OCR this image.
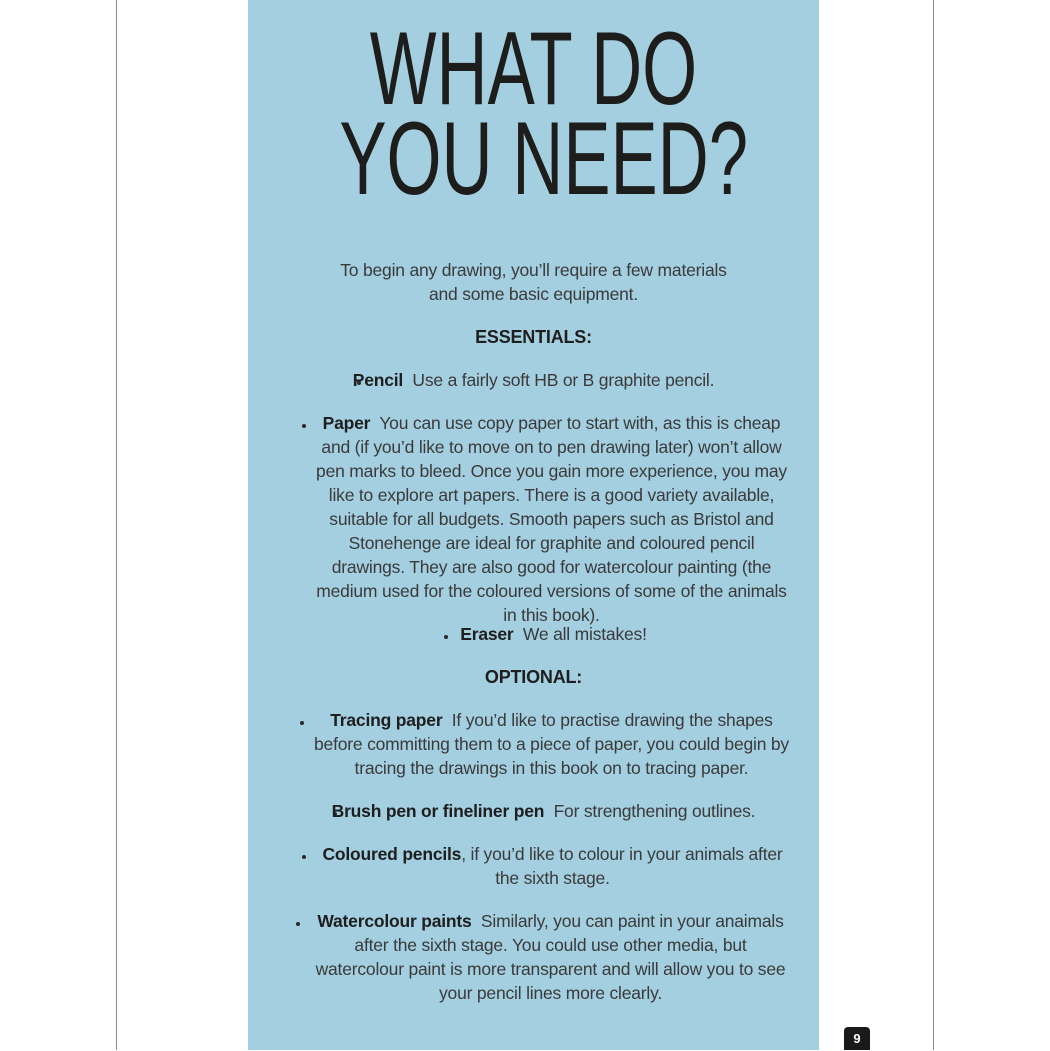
WHAT DO
YOU NEED?
To begin any drawing, you’ll require a few materials and some basic equipment.
ESSENTIALS:
Pencil Use a fairly soft HB or B graphite pencil.
Paper You can use copy paper to start with, as this is cheap and (if you’d like to move on to pen drawing later) won’t allow pen marks to bleed. Once you gain more experience, you may like to explore art papers. There is a good variety available, suitable for all budgets. Smooth papers such as Bristol and Stonehenge are ideal for graphite and coloured pencil drawings. They are also good for watercolour painting (the medium used for the coloured versions of some of the animals in this book).
Eraser We all mistakes!
OPTIONAL:
Tracing paper If you’d like to practise drawing the shapes before committing them to a piece of paper, you could begin by tracing the drawings in this book on to tracing paper.
Brush pen or fineliner pen For strengthening outlines.
Coloured pencils, if you’d like to colour in your animals after the sixth stage.
Watercolour paints Similarly, you can paint in your anaimals after the sixth stage. You could use other media, but watercolour paint is more transparent and will allow you to see your pencil lines more clearly.
9
